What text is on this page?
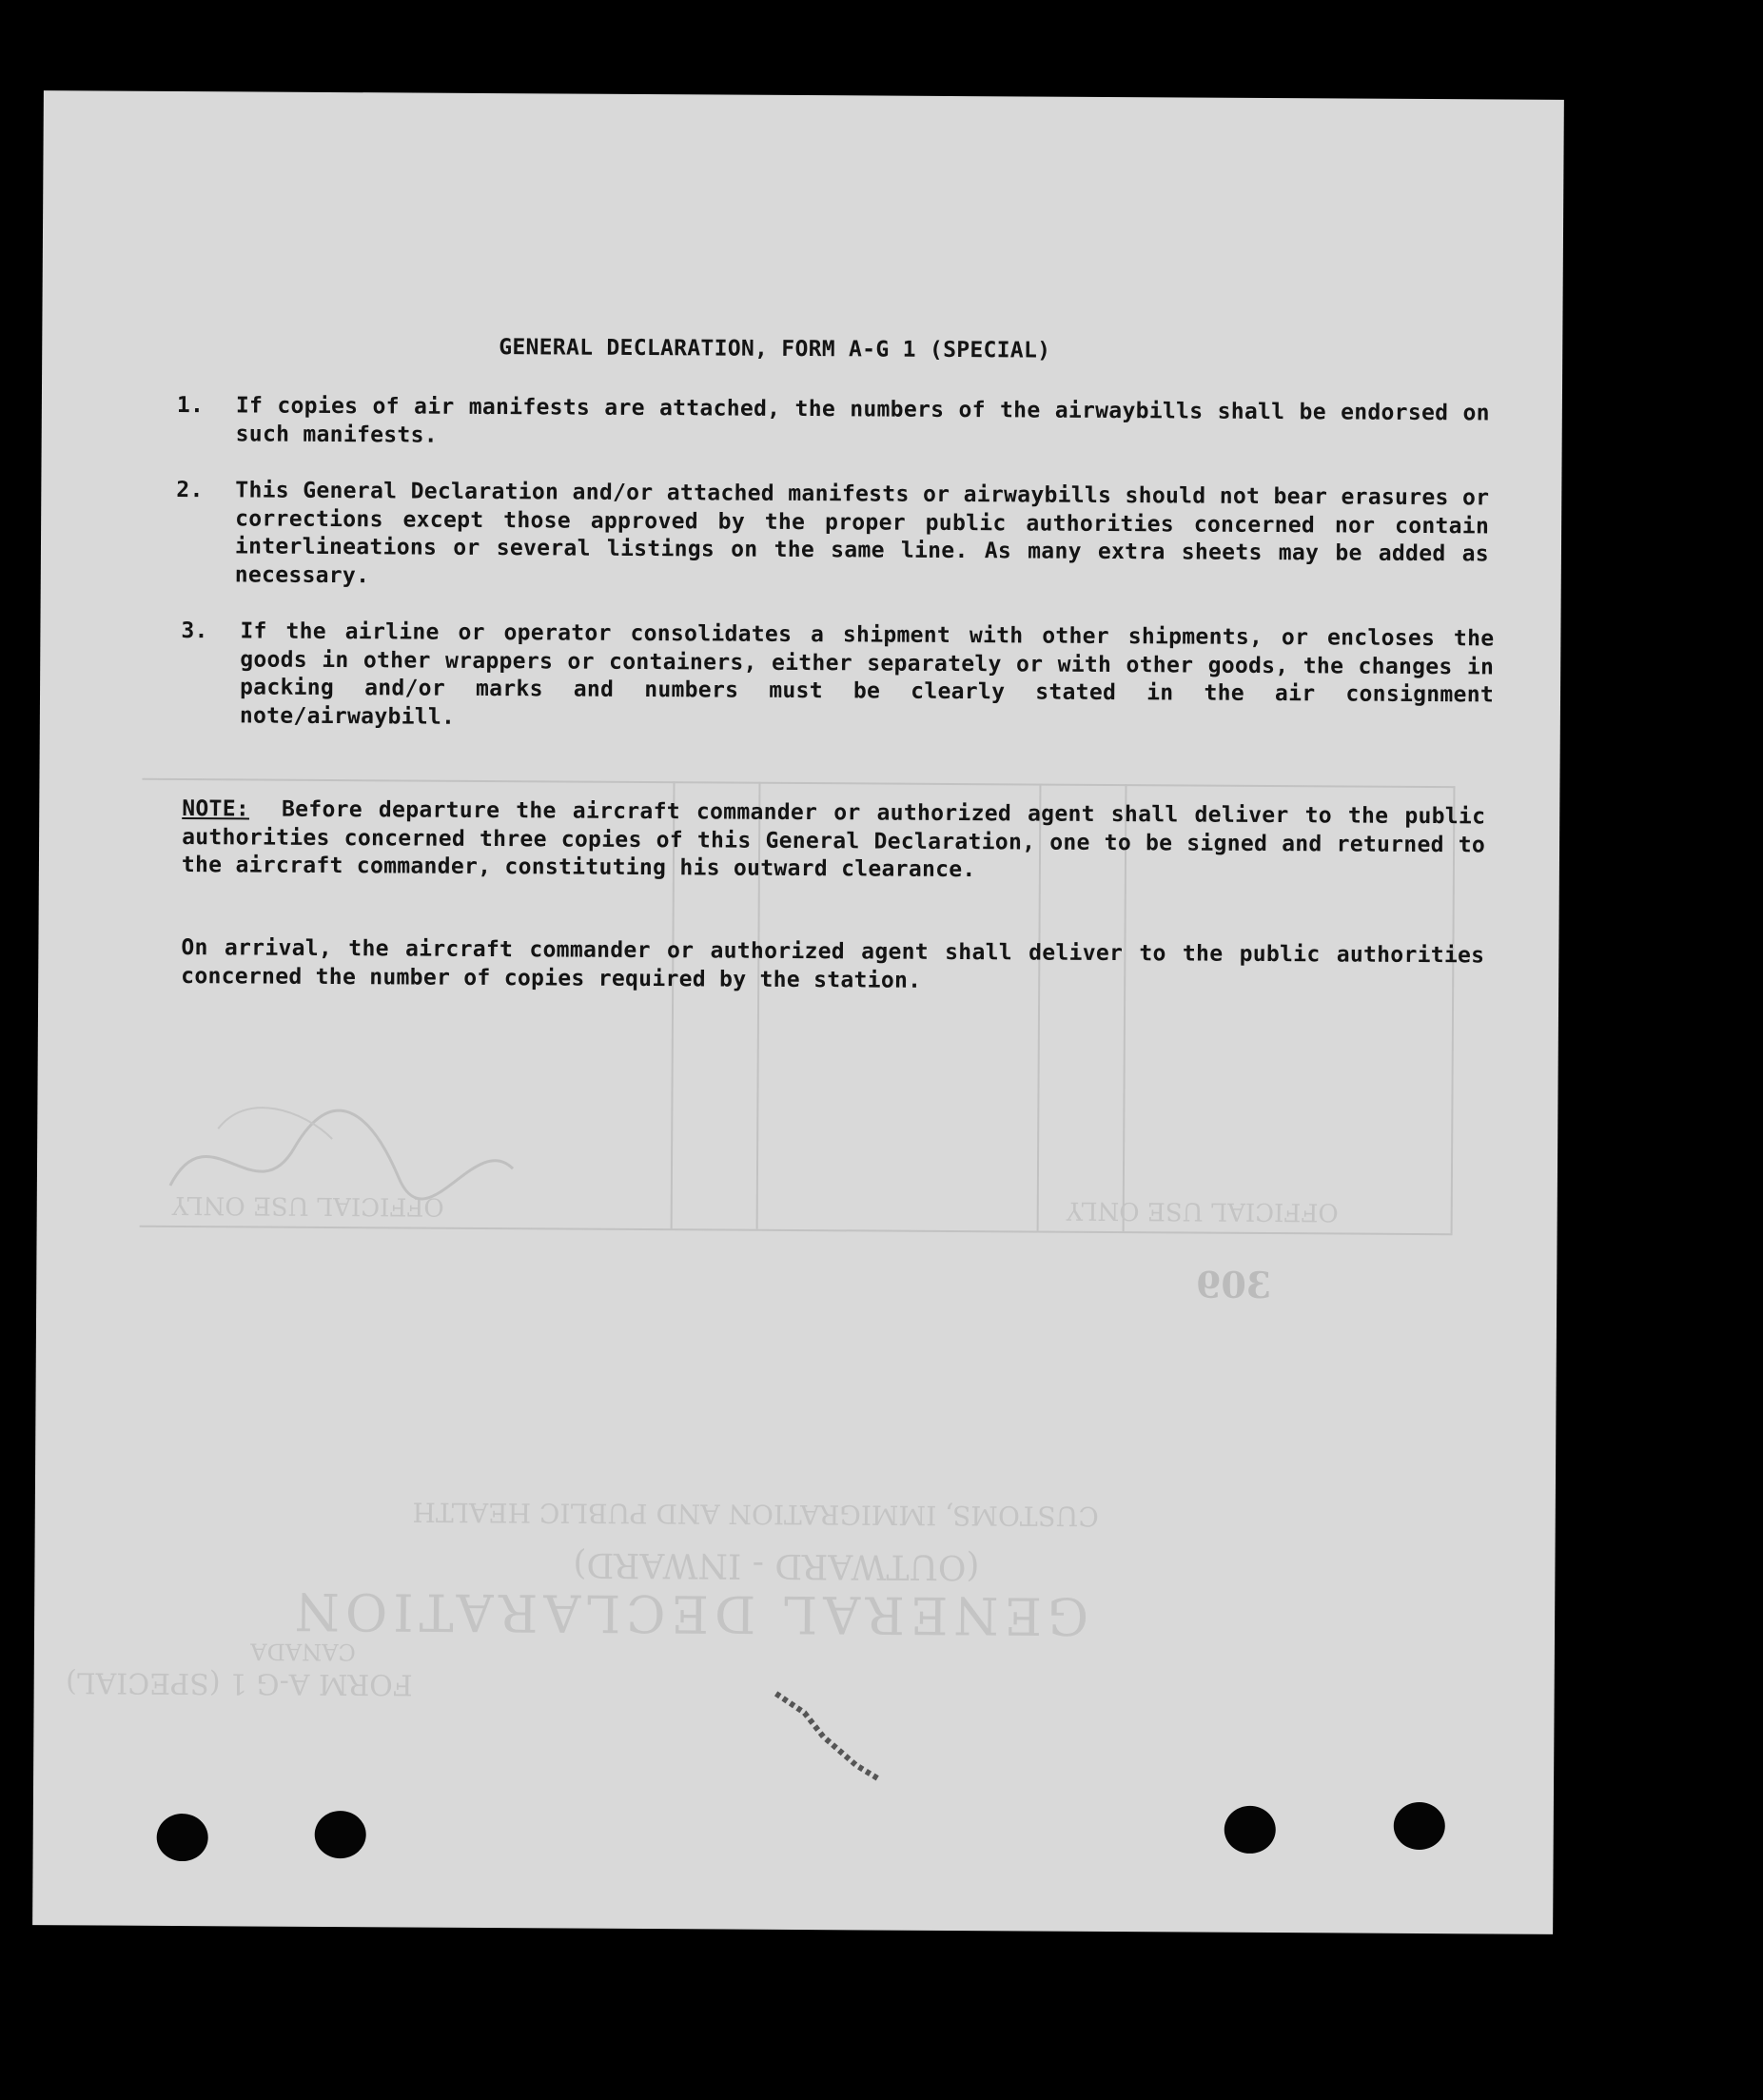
OFFICIAL USE ONLY
OFFICIAL USE ONLY
309
CUSTOMS, IMMIGRATION AND PUBLIC HEALTH
(OUTWARD - INWARD)
GENERAL DECLARATION
FORM A-G 1 (SPECIAL)
CANADA
GENERAL DECLARATION, FORM A-G 1 (SPECIAL)
1.	If copies of air manifests are attached, the numbers of the airwaybills shall be endorsed on such manifests.
2.	This General Declaration and/or attached manifests or airwaybills should not bear erasures or corrections except those approved by the proper public authorities concerned nor contain interlineations or several listings on the same line. As many extra sheets may be added as necessary.
3.	If the airline or operator consolidates a shipment with other shipments, or encloses the goods in other wrappers or containers, either separately or with other goods, the changes in packing and/or marks and numbers must be clearly stated in the air consignment note/airwaybill.
NOTE: Before departure the aircraft commander or authorized agent shall deliver to the public authorities concerned three copies of this General Declaration, one to be signed and returned to the aircraft commander, constituting his outward clearance.
On arrival, the aircraft commander or authorized agent shall deliver to the public authorities concerned the number of copies required by the station.
